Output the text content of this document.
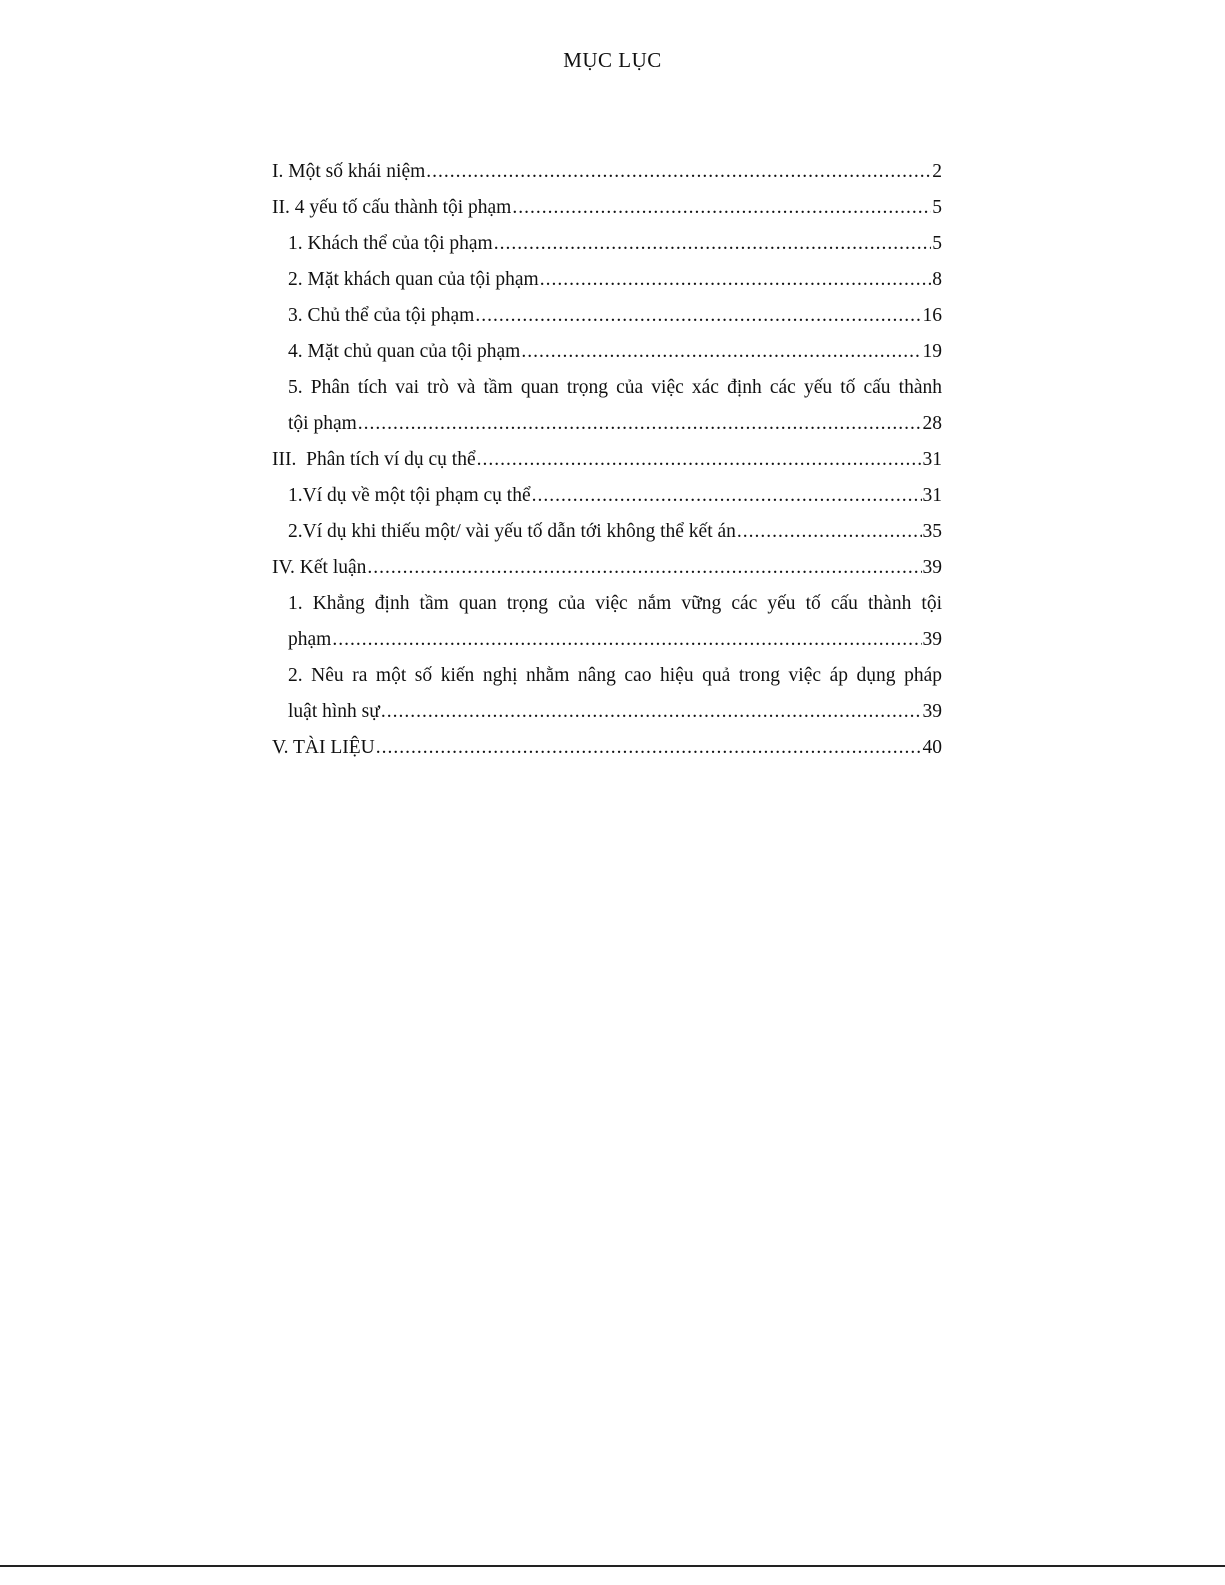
MỤC LỤC
I. Một số khái niệm .....	2
II. 4 yếu tố cấu thành tội phạm .....	5
1. Khách thể của tội phạm .....	5
2. Mặt khách quan của tội phạm .....	8
3. Chủ thể của tội phạm .....	16
4. Mặt chủ quan của tội phạm .....	19
5. Phân tích vai trò và tầm quan trọng của việc xác định các yếu tố cấu thành
tội phạm .....	28
III.  Phân tích ví dụ cụ thể .....	31
1.Ví dụ về một tội phạm cụ thể .....	31
2.Ví dụ khi thiếu một/ vài yếu tố dẫn tới không thể kết án .....	35
IV. Kết luận .....	39
1. Khẳng định tầm quan trọng của việc nắm vững các yếu tố cấu thành tội
phạm .....	39
2. Nêu ra một số kiến nghị nhằm nâng cao hiệu quả trong việc áp dụng pháp
luật hình sự .....	39
V. TÀI LIỆU .....	40
